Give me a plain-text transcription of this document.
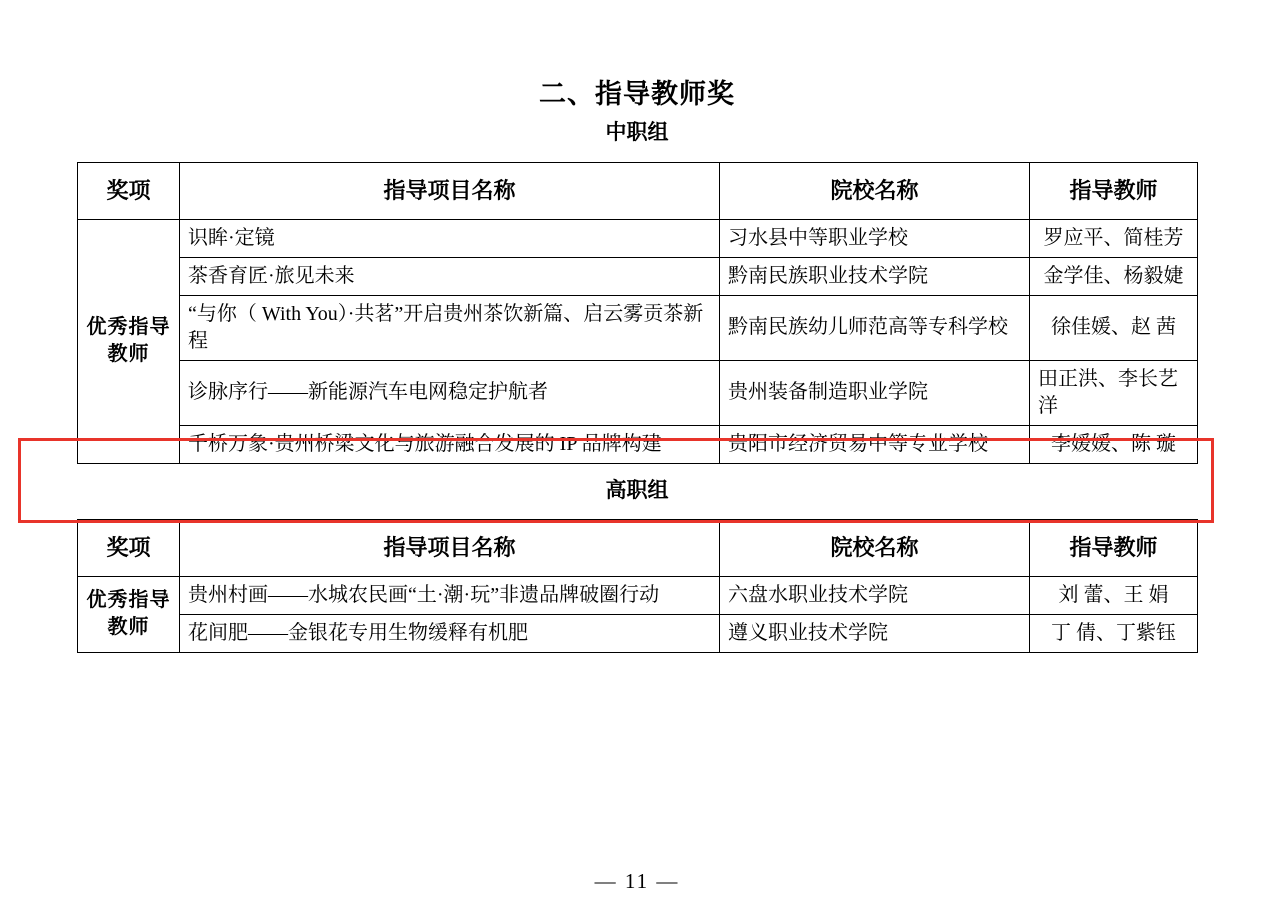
二、指导教师奖
中职组
奖项	指导项目名称	院校名称	指导教师
优秀指导教师	识眸·定镜	习水县中等职业学校	罗应平、简桂芳
	茶香育匠·旅见未来	黔南民族职业技术学院	金学佳、杨毅婕
	“与你（ With You）·共茗”开启贵州茶饮新篇、启云雾贡茶新程	黔南民族幼儿师范高等专科学校	徐佳媛、赵 茜
	诊脉序行——新能源汽车电网稳定护航者	贵州装备制造职业学院	田正洪、李长艺洋
	千桥万象·贵州桥梁文化与旅游融合发展的 IP 品牌构建	贵阳市经济贸易中等专业学校	李媛媛、陈 璇
高职组
奖项	指导项目名称	院校名称	指导教师
优秀指导教师	贵州村画——水城农民画“土·潮·玩”非遗品牌破圈行动	六盘水职业技术学院	刘 蕾、王 娟
	花间肥——金银花专用生物缓释有机肥	遵义职业技术学院	丁 倩、丁紫钰
— 11 —
